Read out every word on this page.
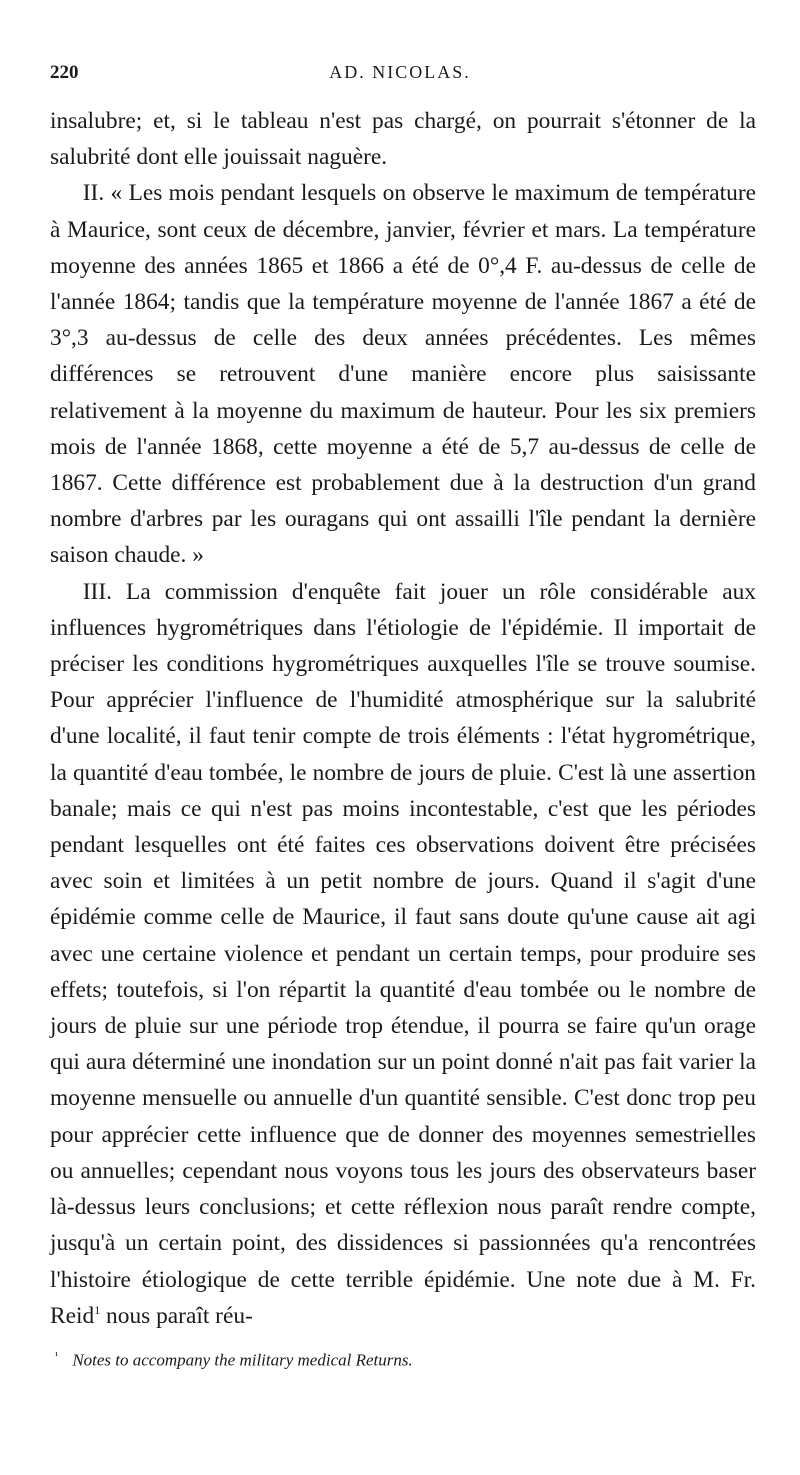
220	AD. NICOLAS.

insalubre; et, si le tableau n'est pas chargé, on pourrait s'étonner de la salubrité dont elle jouissait naguère.

II. « Les mois pendant lesquels on observe le maximum de température à Maurice, sont ceux de décembre, janvier, février et mars. La température moyenne des années 1865 et 1866 a été de 0°,4 F. au-dessus de celle de l'année 1864; tandis que la température moyenne de l'année 1867 a été de 3°,3 au-dessus de celle des deux années précédentes. Les mêmes différences se retrouvent d'une manière encore plus saisissante relativement à la moyenne du maximum de hauteur. Pour les six premiers mois de l'année 1868, cette moyenne a été de 5,7 au-dessus de celle de 1867. Cette différence est probablement due à la destruction d'un grand nombre d'arbres par les ouragans qui ont assailli l'île pendant la dernière saison chaude. »

III. La commission d'enquête fait jouer un rôle considérable aux influences hygrométriques dans l'étiologie de l'épidémie. Il importait de préciser les conditions hygrométriques auxquelles l'île se trouve soumise. Pour apprécier l'influence de l'humidité atmosphérique sur la salubrité d'une localité, il faut tenir compte de trois éléments : l'état hygrométrique, la quantité d'eau tombée, le nombre de jours de pluie. C'est là une assertion banale; mais ce qui n'est pas moins incontestable, c'est que les périodes pendant lesquelles ont été faites ces observations doivent être précisées avec soin et limitées à un petit nombre de jours. Quand il s'agit d'une épidémie comme celle de Maurice, il faut sans doute qu'une cause ait agi avec une certaine violence et pendant un certain temps, pour produire ses effets; toutefois, si l'on répartit la quantité d'eau tombée ou le nombre de jours de pluie sur une période trop étendue, il pourra se faire qu'un orage qui aura déterminé une inondation sur un point donné n'ait pas fait varier la moyenne mensuelle ou annuelle d'un quantité sensible. C'est donc trop peu pour apprécier cette influence que de donner des moyennes semestrielles ou annuelles; cependant nous voyons tous les jours des observateurs baser là-dessus leurs conclusions; et cette réflexion nous paraît rendre compte, jusqu'à un certain point, des dissidences si passionnées qu'a rencontrées l'histoire étiologique de cette terrible épidémie. Une note due à M. Fr. Reid$^1$ nous paraît réu-

$^{^1}$ Notes to accompany the military medical Returns.
